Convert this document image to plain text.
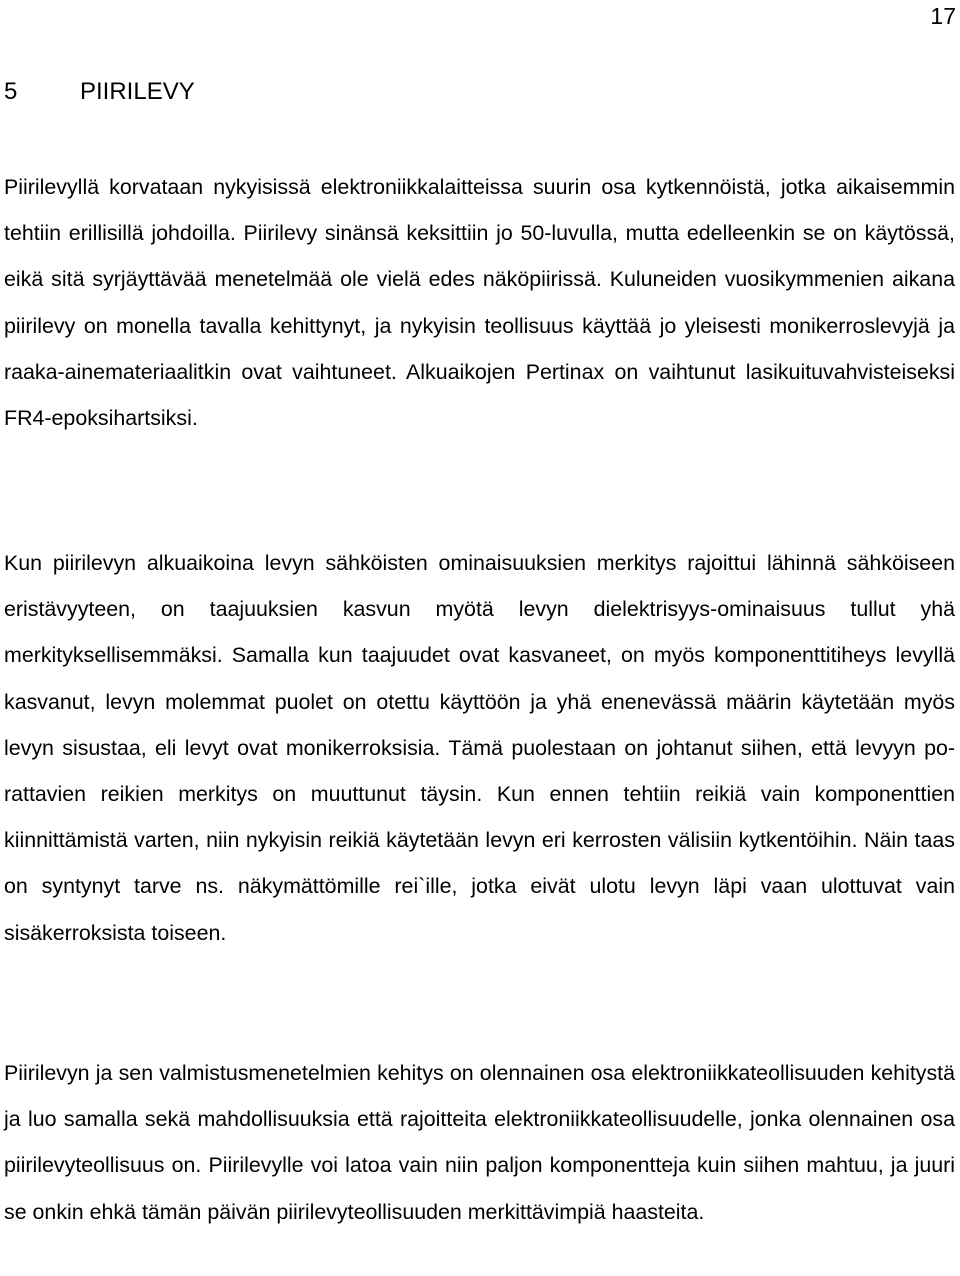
17
5	PIIRILEVY

Piirilevyllä korvataan nykyisissä elektroniikkalaitteissa suurin osa kytkennöistä, jotka aikaisemmin tehtiin erillisillä johdoilla. Piirilevy sinänsä keksittiin jo 50-luvulla, mutta edelleenkin se on käytössä, eikä sitä syrjäyttävää menetelmää ole vielä edes näköpiirissä. Kuluneiden vuosikymmenien aikana piirilevy on monella tavalla kehittynyt, ja nykyisin teollisuus käyttää jo yleisesti monikerroslevyjä ja raaka-ainemateriaalitkin ovat vaihtuneet. Alkuaikojen Pertinax on vaihtunut lasikuituvahvisteiseksi FR4-epoksihartsiksi.

Kun piirilevyn alkuaikoina levyn sähköisten ominaisuuksien merkitys rajoittui lähinnä sähköiseen eristävyyteen, on taajuuksien kasvun myötä levyn dielektrisyys-ominaisuus tullut yhä merkityksellisemmäksi. Samalla kun taajuudet ovat kasvaneet, on myös komponenttitiheys levyllä kasvanut, levyn molemmat puolet on otettu käyttöön ja yhä enenevässä määrin käytetään myös levyn sisustaa, eli levyt ovat monikerroksisia. Tämä puolestaan on johtanut siihen, että levyyn porattavien reikien merkitys on muuttunut täysin. Kun ennen tehtiin reikiä vain komponenttien kiinnittämistä varten, niin nykyisin reikiä käytetään levyn eri kerrosten välisiin kytkentöihin. Näin taas on syntynyt tarve ns. näkymättömille rei`ille, jotka eivät ulotu levyn läpi vaan ulottuvat vain sisäkerroksista toiseen.

Piirilevyn ja sen valmistusmenetelmien kehitys on olennainen osa elektroniikkateollisuuden kehitystä ja luo samalla sekä mahdollisuuksia että rajoitteita elektroniikkateollisuudelle, jonka olennainen osa piirilevyteollisuus on. Piirilevylle voi latoa vain niin paljon komponentteja kuin siihen mahtuu, ja juuri se onkin ehkä tämän päivän piirilevyteollisuuden merkittävimpiä haasteita.
